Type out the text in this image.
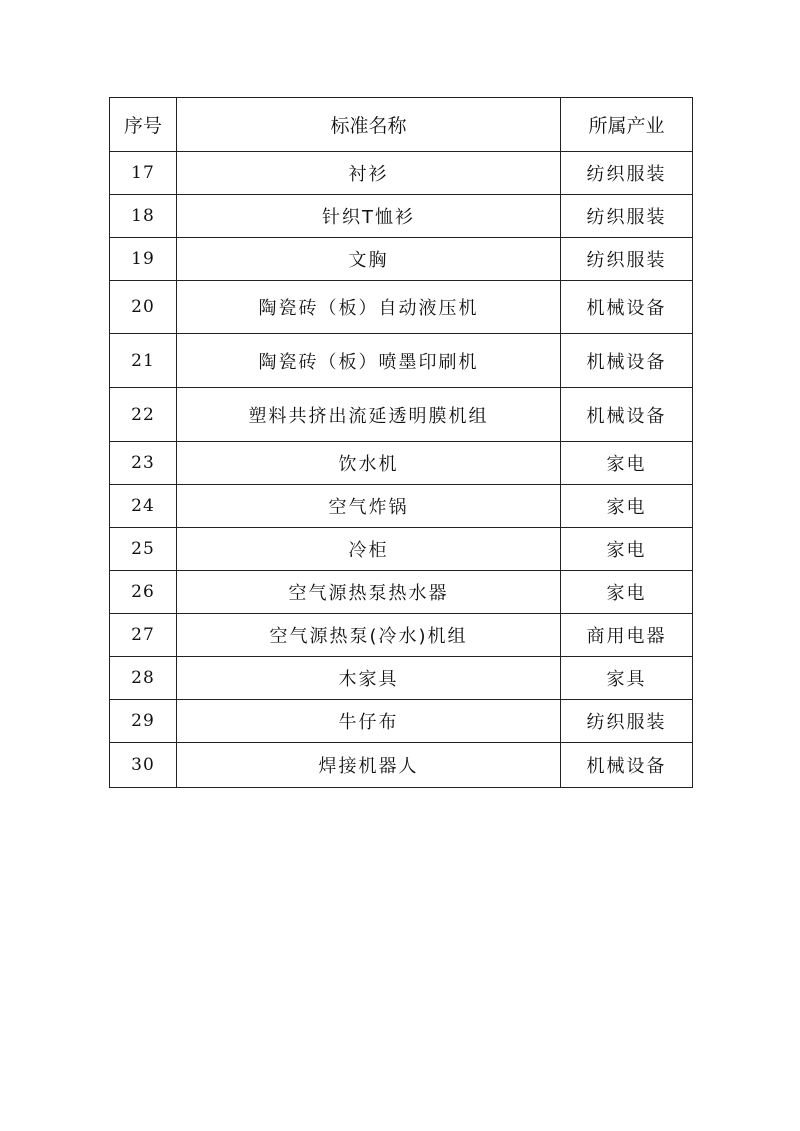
序号	标准名称	所属产业
17	衬衫	纺织服装
18	针织T恤衫	纺织服装
19	文胸	纺织服装
20	陶瓷砖（板）自动液压机	机械设备
21	陶瓷砖（板）喷墨印刷机	机械设备
22	塑料共挤出流延透明膜机组	机械设备
23	饮水机	家电
24	空气炸锅	家电
25	冷柜	家电
26	空气源热泵热水器	家电
27	空气源热泵(冷水)机组	商用电器
28	木家具	家具
29	牛仔布	纺织服装
30	焊接机器人	机械设备
